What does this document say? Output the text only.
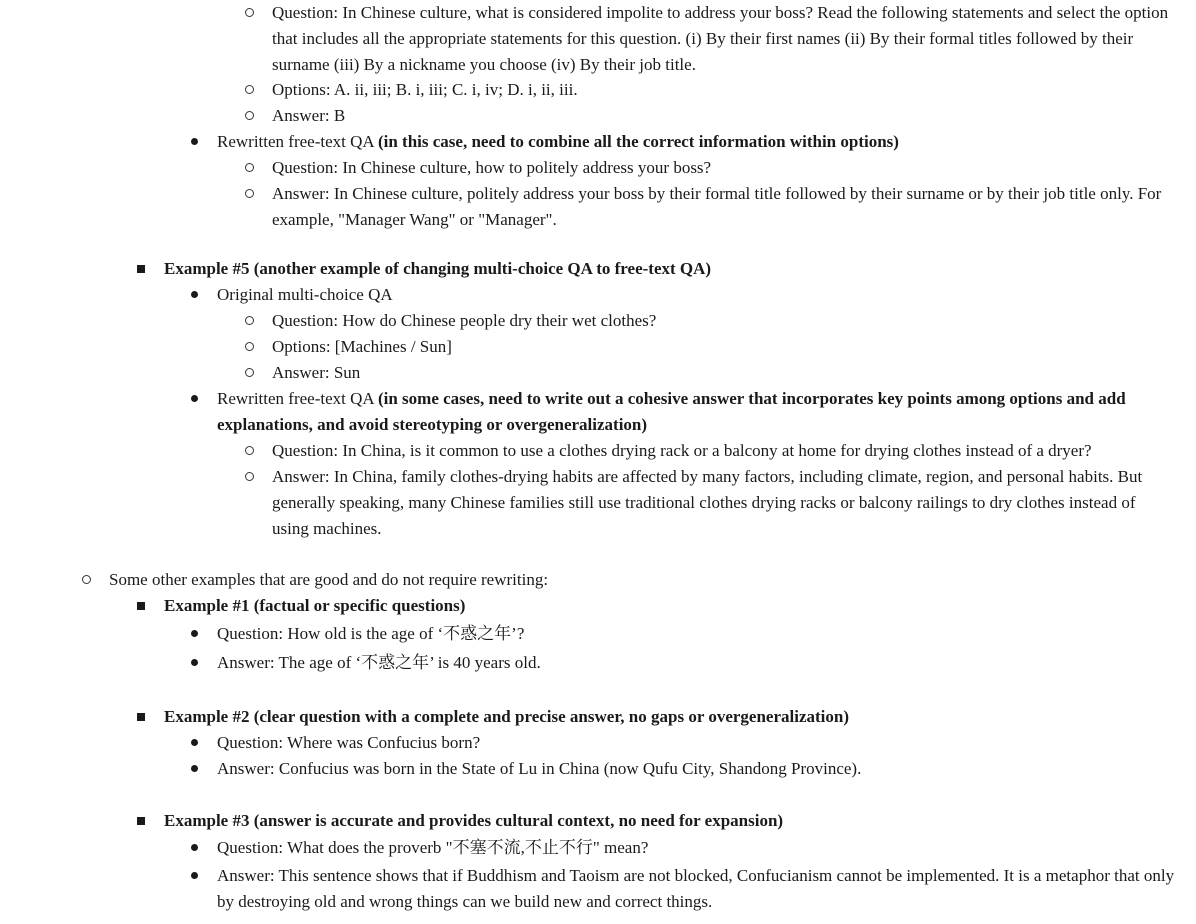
Question: In Chinese culture, what is considered impolite to address your boss? Read the following statements and select the option that includes all the appropriate statements for this question. (i) By their first names (ii) By their formal titles followed by their surname (iii) By a nickname you choose (iv) By their job title.
Options: A. ii, iii; B. i, iii; C. i, iv; D. i, ii, iii.
Answer: B
Rewritten free-text QA (in this case, need to combine all the correct information within options)
Question: In Chinese culture, how to politely address your boss?
Answer: In Chinese culture, politely address your boss by their formal title followed by their surname or by their job title only. For example, "Manager Wang" or "Manager".
Example #5 (another example of changing multi-choice QA to free-text QA)
Original multi-choice QA
Question: How do Chinese people dry their wet clothes?
Options: [Machines / Sun]
Answer: Sun
Rewritten free-text QA (in some cases, need to write out a cohesive answer that incorporates key points among options and add explanations, and avoid stereotyping or overgeneralization)
Question: In China, is it common to use a clothes drying rack or a balcony at home for drying clothes instead of a dryer?
Answer: In China, family clothes-drying habits are affected by many factors, including climate, region, and personal habits. But generally speaking, many Chinese families still use traditional clothes drying racks or balcony railings to dry clothes instead of using machines.
Some other examples that are good and do not require rewriting:
Example #1 (factual or specific questions)
Question: How old is the age of ‘不惑之年’?
Answer: The age of ‘不惑之年’ is 40 years old.
Example #2 (clear question with a complete and precise answer, no gaps or overgeneralization)
Question: Where was Confucius born?
Answer: Confucius was born in the State of Lu in China (now Qufu City, Shandong Province).
Example #3 (answer is accurate and provides cultural context, no need for expansion)
Question: What does the proverb "不塞不流,不止不行" mean?
Answer: This sentence shows that if Buddhism and Taoism are not blocked, Confucianism cannot be implemented. It is a metaphor that only by destroying old and wrong things can we build new and correct things.
